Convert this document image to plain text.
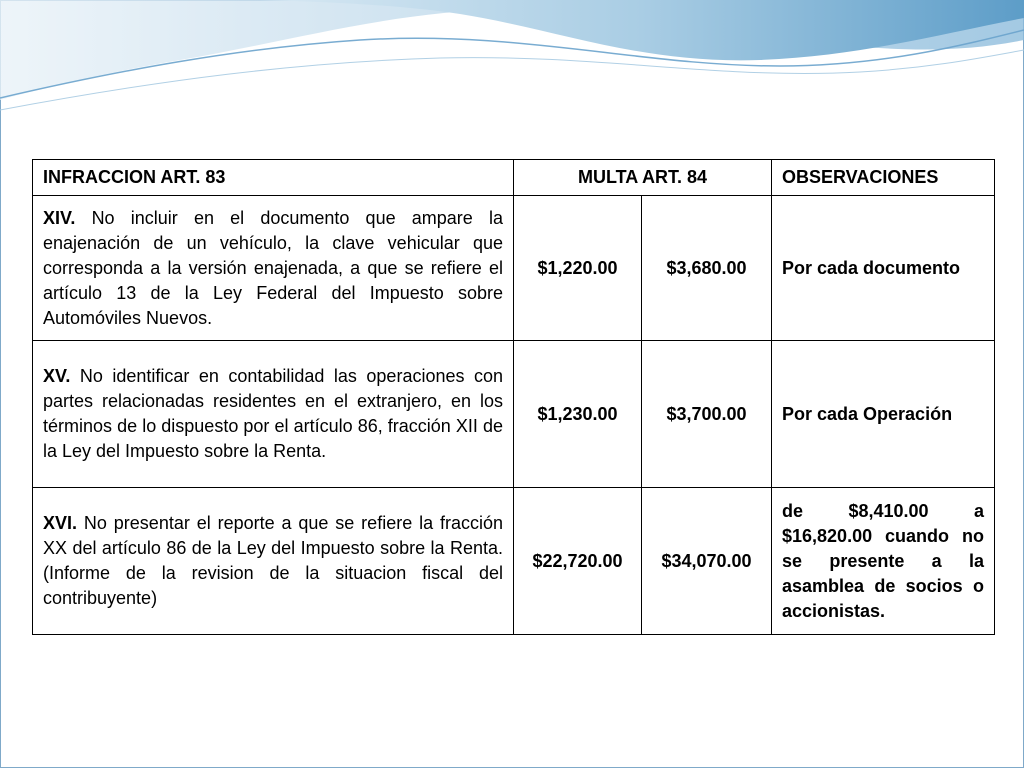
INFRACCION ART. 83	MULTA ART. 84		OBSERVACIONES
XIV. No incluir en el documento que ampare la enajenación de un vehículo, la clave vehicular que corresponda a la versión enajenada, a que se refiere el artículo 13 de la Ley Federal del Impuesto sobre Automóviles Nuevos.	$1,220.00	$3,680.00	Por cada documento
XV. No identificar en contabilidad las operaciones con partes relacionadas residentes en el extranjero, en los términos de lo dispuesto por el artículo 86, fracción XII de la Ley del Impuesto sobre la Renta.	$1,230.00	$3,700.00	Por cada Operación
XVI. No presentar el reporte a que se refiere la fracción XX del artículo 86 de la Ley del Impuesto sobre la Renta. (Informe de la revision de la situacion fiscal del contribuyente)	$22,720.00	$34,070.00	de $8,410.00 a $16,820.00 cuando no se presente a la asamblea de socios o accionistas.
